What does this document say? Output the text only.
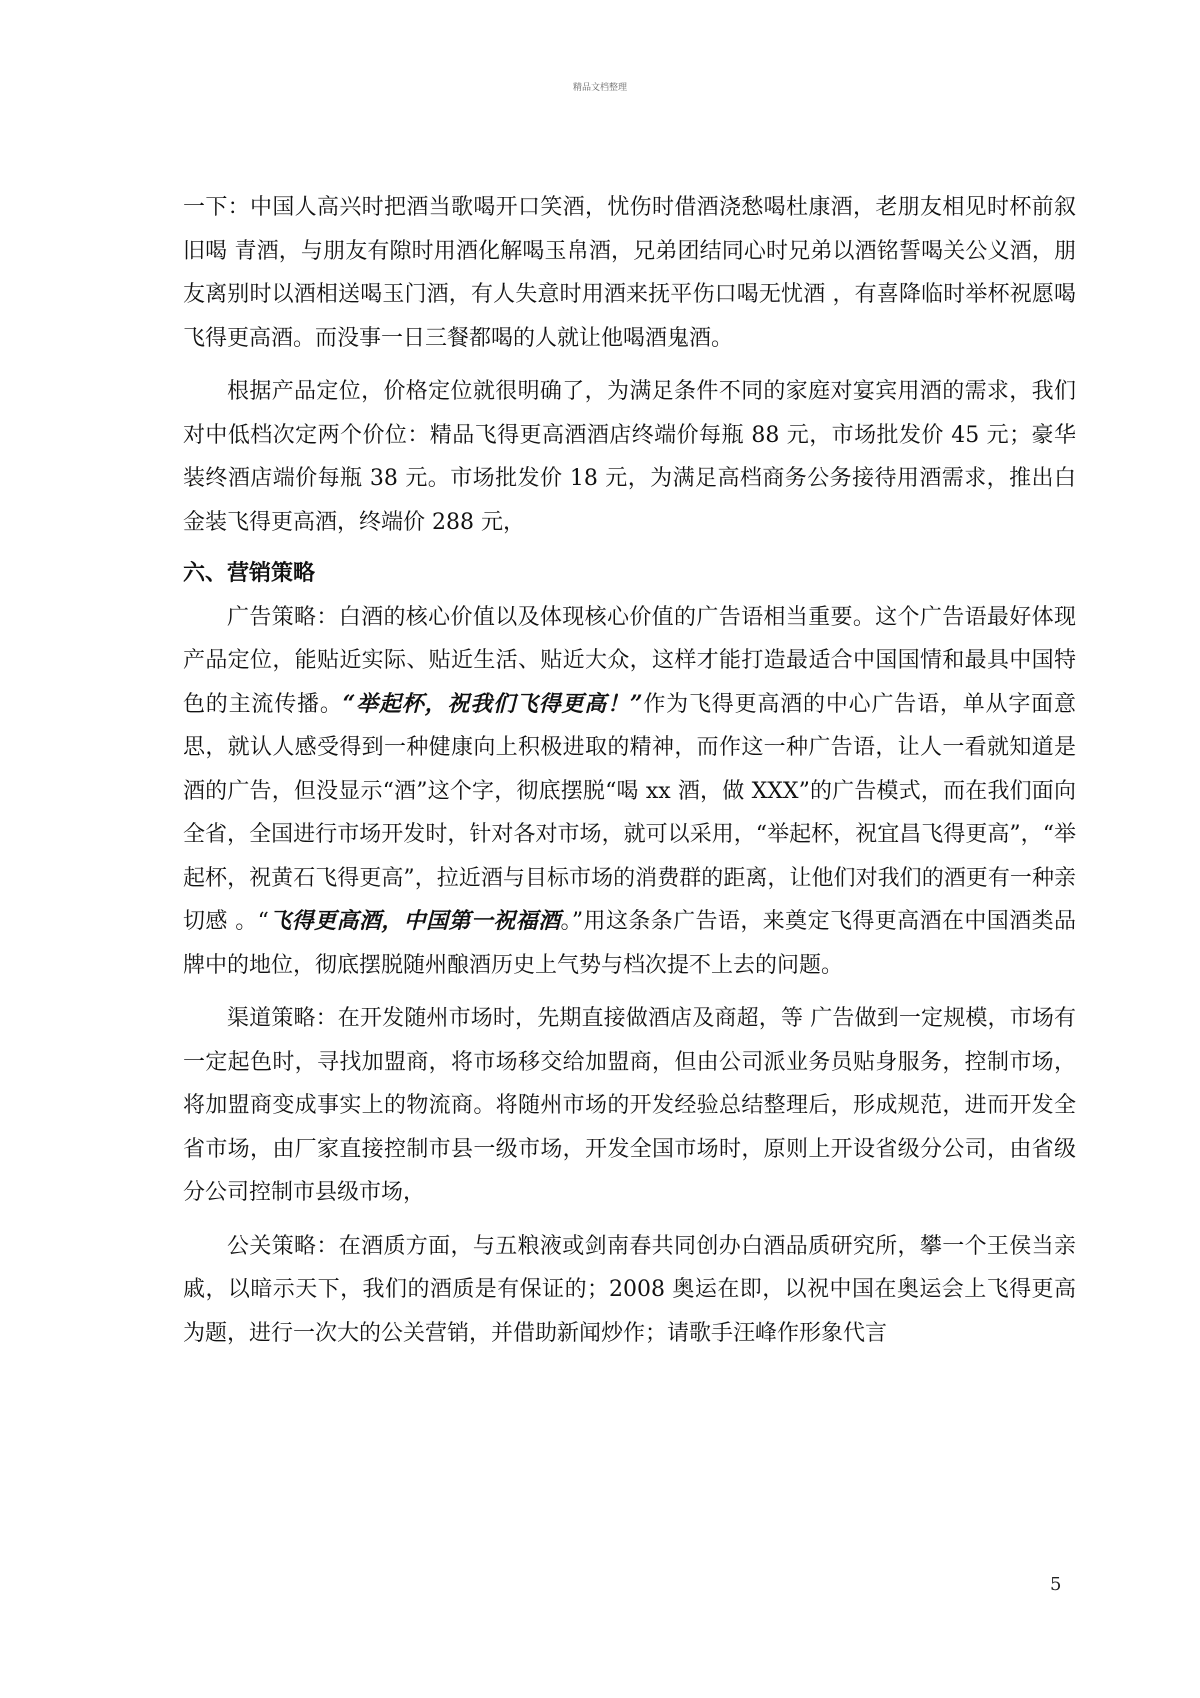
精品文档整理

一下：中国人高兴时把酒当歌喝开口笑酒，忧伤时借酒浇愁喝杜康酒，老朋友相见时杯前叙旧喝 青酒，与朋友有隙时用酒化解喝玉帛酒，兄弟团结同心时兄弟以酒铭誓喝关公义酒，朋友离别时以酒相送喝玉门酒，有人失意时用酒来抚平伤口喝无忧酒 ，有喜降临时举杯祝愿喝飞得更高酒。而没事一日三餐都喝的人就让他喝酒鬼酒。

根据产品定位，价格定位就很明确了，为满足条件不同的家庭对宴宾用酒的需求，我们对中低档次定两个价位：精品飞得更高酒酒店终端价每瓶 88 元，市场批发价 45 元；豪华装终酒店端价每瓶 38 元。市场批发价 18 元，为满足高档商务公务接待用酒需求，推出白金装飞得更高酒，终端价 288 元，

六、营销策略

广告策略：白酒的核心价值以及体现核心价值的广告语相当重要。这个广告语最好体现产品定位，能贴近实际、贴近生活、贴近大众，这样才能打造最适合中国国情和最具中国特色的主流传播。“举起杯，祝我们飞得更高！”作为飞得更高酒的中心广告语，单从字面意思，就认人感受得到一种健康向上积极进取的精神，而作这一种广告语，让人一看就知道是酒的广告，但没显示“酒”这个字，彻底摆脱“喝 xx 酒，做 XXX”的广告模式，而在我们面向全省，全国进行市场开发时，针对各对市场，就可以采用，“举起杯，祝宜昌飞得更高”，“举起杯，祝黄石飞得更高”，拉近酒与目标市场的消费群的距离，让他们对我们的酒更有一种亲切感 。“飞得更高酒，中国第一祝福酒。”用这条条广告语，来奠定飞得更高酒在中国酒类品牌中的地位，彻底摆脱随州酿酒历史上气势与档次提不上去的问题。

渠道策略：在开发随州市场时，先期直接做酒店及商超，等 广告做到一定规模，市场有一定起色时，寻找加盟商，将市场移交给加盟商，但由公司派业务员贴身服务，控制市场，将加盟商变成事实上的物流商。将随州市场的开发经验总结整理后，形成规范，进而开发全省市场，由厂家直接控制市县一级市场，开发全国市场时，原则上开设省级分公司，由省级分公司控制市县级市场，

公关策略：在酒质方面，与五粮液或剑南春共同创办白酒品质研究所，攀一个王侯当亲戚，以暗示天下，我们的酒质是有保证的；2008 奥运在即，以祝中国在奥运会上飞得更高为题，进行一次大的公关营销，并借助新闻炒作；请歌手汪峰作形象代言

5
